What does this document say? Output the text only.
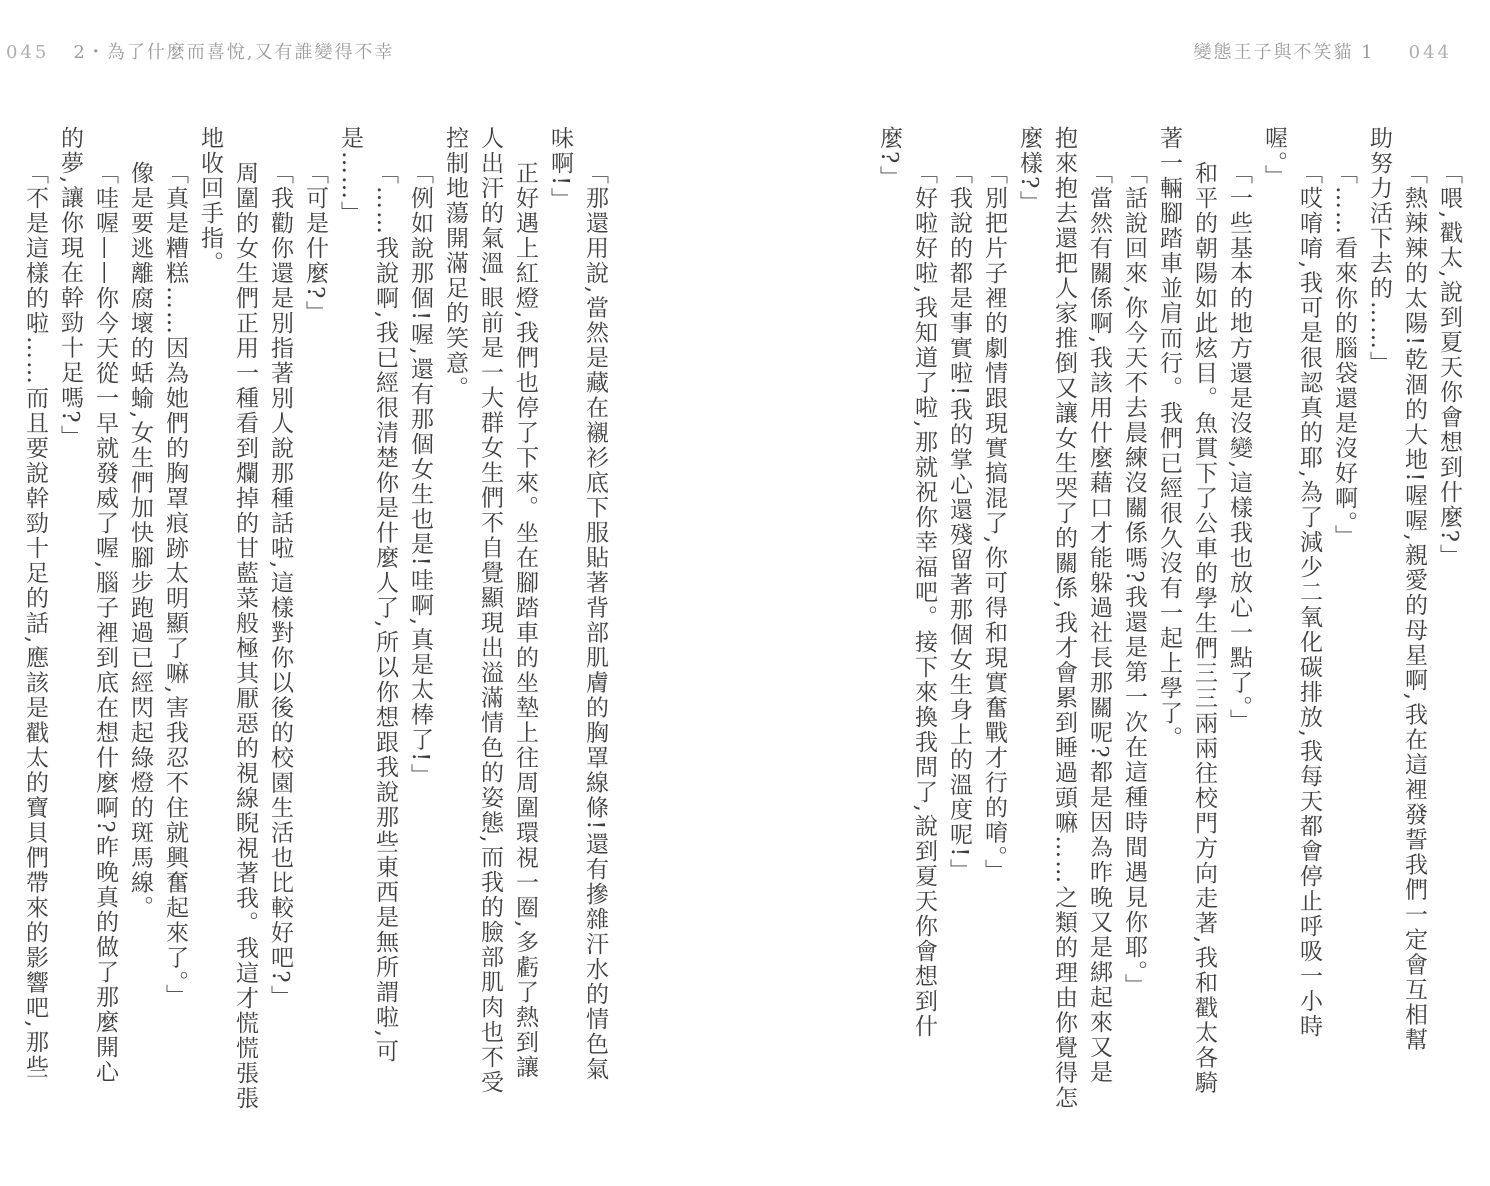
045 2・為了什麼而喜悅,又有誰變得不幸	變態王子與不笑貓 1 044
「喂,戳太,說到夏天你會想到什麼?」
「熱辣辣的太陽!乾涸的大地!喔喔,親愛的母星啊,我在這裡發誓我們一定會互相幫
助努力活下去的……」
「……看來你的腦袋還是沒好啊。」
「哎唷唷,我可是很認真的耶,為了減少二氧化碳排放,我每天都會停止呼吸一小時
喔。」
「一些基本的地方還是沒變,這樣我也放心一點了。」
和平的朝陽如此炫目。魚貫下了公車的學生們三三兩兩往校門方向走著,我和戳太各騎
著一輛腳踏車並肩而行。我們已經很久沒有一起上學了。
「話說回來,你今天不去晨練沒關係嗎?我還是第一次在這種時間遇見你耶。」
「當然有關係啊,我該用什麼藉口才能躲過社長那關呢?都是因為昨晚又是綁起來又是
抱來抱去還把人家推倒又讓女生哭了的關係,我才會累到睡過頭嘛……之類的理由你覺得怎
麼樣?」
「別把片子裡的劇情跟現實搞混了,你可得和現實奮戰才行的唷。」
「我說的都是事實啦!我的掌心還殘留著那個女生身上的溫度呢!」
「好啦好啦,我知道了啦,那就祝你幸福吧。接下來換我問了,說到夏天你會想到什
麼?」
「那還用說,當然是藏在襯衫底下服貼著背部肌膚的胸罩線條!還有摻雜汗水的情色氣
味啊!」
正好遇上紅燈,我們也停了下來。坐在腳踏車的坐墊上往周圍環視一圈,多虧了熱到讓
人出汗的氣溫,眼前是一大群女生們不自覺顯現出溢滿情色的姿態,而我的臉部肌肉也不受
控制地蕩開滿足的笑意。
「例如說那個!喔,還有那個女生也是!哇啊,真是太棒了!」
「……我說啊,我已經很清楚你是什麼人了,所以你想跟我說那些東西是無所謂啦,可
是……」
「可是什麼?」
「我勸你還是別指著別人說那種話啦,這樣對你以後的校園生活也比較好吧?」
周圍的女生們正用一種看到爛掉的甘藍菜般極其厭惡的視線睨視著我。我這才慌慌張張
地收回手指。
「真是糟糕……因為她們的胸罩痕跡太明顯了嘛,害我忍不住就興奮起來了。」
像是要逃離腐壞的蛞蝓,女生們加快腳步跑過已經閃起綠燈的斑馬線。
「哇喔——你今天從一早就發威了喔,腦子裡到底在想什麼啊?昨晚真的做了那麼開心
的夢,讓你現在幹勁十足嗎?」
「不是這樣的啦……而且要說幹勁十足的話,應該是戳太的寶貝們帶來的影響吧,那些
